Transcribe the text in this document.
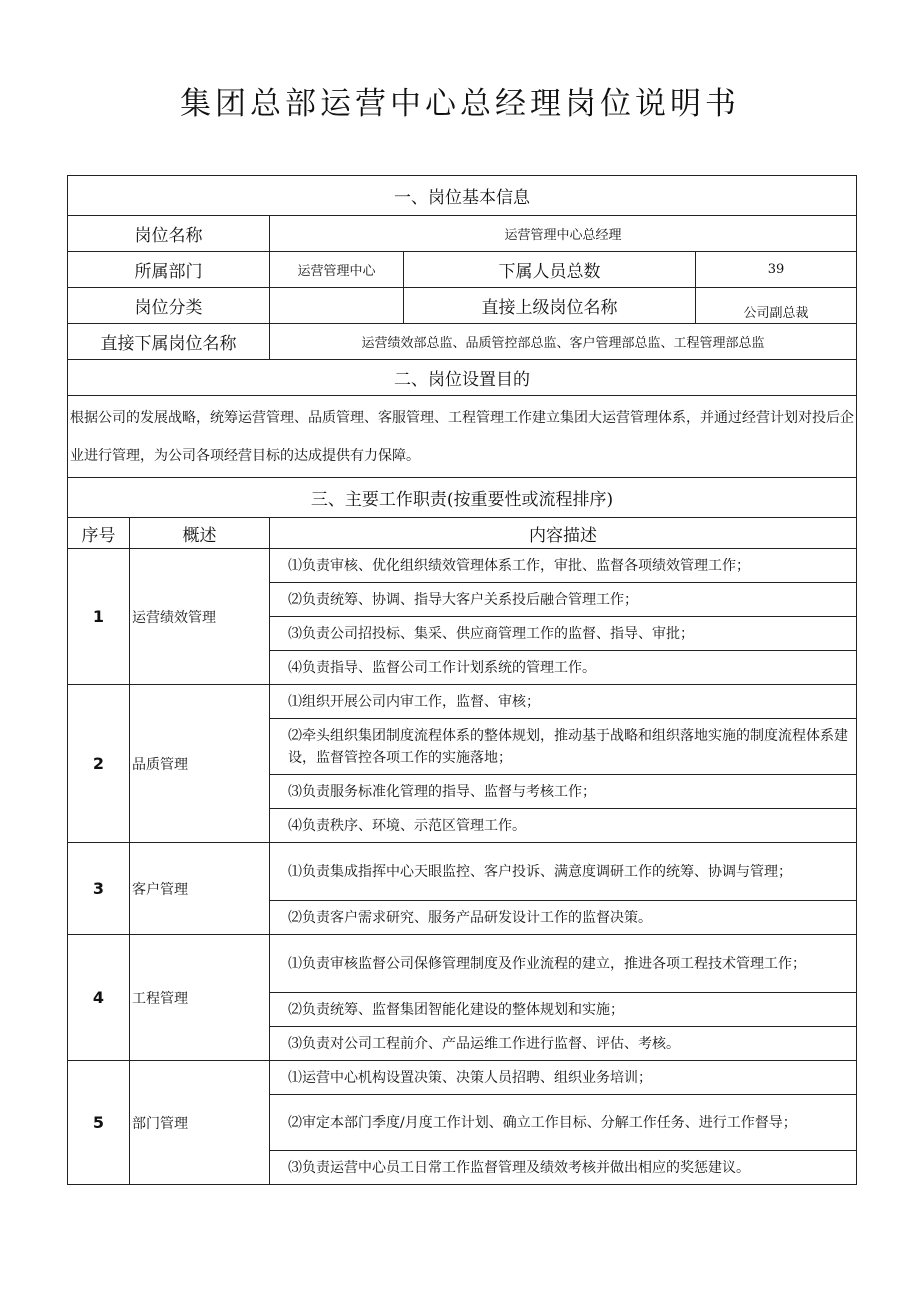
集团总部运营中心总经理岗位说明书
一、岗位基本信息				
岗位名称		运营管理中心总经理		
所属部门		运营管理中心	下属人员总数	39
岗位分类			直接上级岗位名称	公司副总裁
直接下属岗位名称		运营绩效部总监、品质管控部总监、客户管理部总监、工程管理部总监		
二、岗位设置目的				
根据公司的发展战略，统筹运营管理、品质管理、客服管理、工程管理工作建立集团大运营管理体系，并通过经营计划对投后企业进行管理，为公司各项经营目标的达成提供有力保障。				
三、主要工作职责(按重要性或流程排序)				
序号	概述	内容描述		
1	运营绩效管理	⑴负责审核、优化组织绩效管理体系工作，审批、监督各项绩效管理工作；		
		⑵负责统筹、协调、指导大客户关系投后融合管理工作；		
		⑶负责公司招投标、集采、供应商管理工作的监督、指导、审批；		
		⑷负责指导、监督公司工作计划系统的管理工作。		
2	品质管理	⑴组织开展公司内审工作，监督、审核；		
		⑵牵头组织集团制度流程体系的整体规划，推动基于战略和组织落地实施的制度流程体系建设，监督管控各项工作的实施落地；		
		⑶负责服务标准化管理的指导、监督与考核工作；		
		⑷负责秩序、环境、示范区管理工作。		
3	客户管理	⑴负责集成指挥中心天眼监控、客户投诉、满意度调研工作的统筹、协调与管理；		
		⑵负责客户需求研究、服务产品研发设计工作的监督决策。		
4	工程管理	⑴负责审核监督公司保修管理制度及作业流程的建立，推进各项工程技术管理工作；		
		⑵负责统筹、监督集团智能化建设的整体规划和实施；		
		⑶负责对公司工程前介、产品运维工作进行监督、评估、考核。		
5	部门管理	⑴运营中心机构设置决策、决策人员招聘、组织业务培训；		
		⑵审定本部门季度/月度工作计划、确立工作目标、分解工作任务、进行工作督导；		
		⑶负责运营中心员工日常工作监督管理及绩效考核并做出相应的奖惩建议。		
